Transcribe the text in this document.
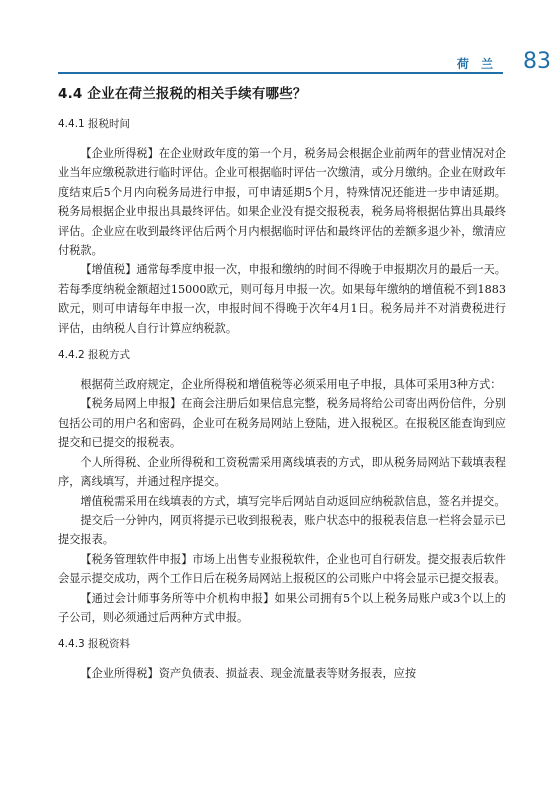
荷 兰 83
4.4 企业在荷兰报税的相关手续有哪些？
4.4.1 报税时间

【企业所得税】在企业财政年度的第一个月，税务局会根据企业前两年的营业情况对企业当年应缴税款进行临时评估。企业可根据临时评估一次缴清，或分月缴纳。企业在财政年度结束后5个月内向税务局进行申报，可申请延期5个月，特殊情况还能进一步申请延期。税务局根据企业申报出具最终评估。如果企业没有提交报税表，税务局将根据估算出具最终评估。企业应在收到最终评估后两个月内根据临时评估和最终评估的差额多退少补，缴清应付税款。

【增值税】通常每季度申报一次，申报和缴纳的时间不得晚于申报期次月的最后一天。若每季度纳税金额超过15000欧元，则可每月申报一次。如果每年缴纳的增值税不到1883欧元，则可申请每年申报一次，申报时间不得晚于次年4月1日。税务局并不对消费税进行评估，由纳税人自行计算应纳税款。

4.4.2 报税方式

根据荷兰政府规定，企业所得税和增值税等必须采用电子申报，具体可采用3种方式：

【税务局网上申报】在商会注册后如果信息完整，税务局将给公司寄出两份信件，分别包括公司的用户名和密码，企业可在税务局网站上登陆，进入报税区。在报税区能查询到应提交和已提交的报税表。

个人所得税、企业所得税和工资税需采用离线填表的方式，即从税务局网站下载填表程序，离线填写，并通过程序提交。

增值税需采用在线填表的方式，填写完毕后网站自动返回应纳税款信息，签名并提交。

提交后一分钟内，网页将提示已收到报税表，账户状态中的报税表信息一栏将会显示已提交报表。

【税务管理软件申报】市场上出售专业报税软件，企业也可自行研发。提交报表后软件会显示提交成功，两个工作日后在税务局网站上报税区的公司账户中将会显示已提交报表。

【通过会计师事务所等中介机构申报】如果公司拥有5个以上税务局账户或3个以上的子公司，则必须通过后两种方式申报。

4.4.3 报税资料

【企业所得税】资产负债表、损益表、现金流量表等财务报表，应按
